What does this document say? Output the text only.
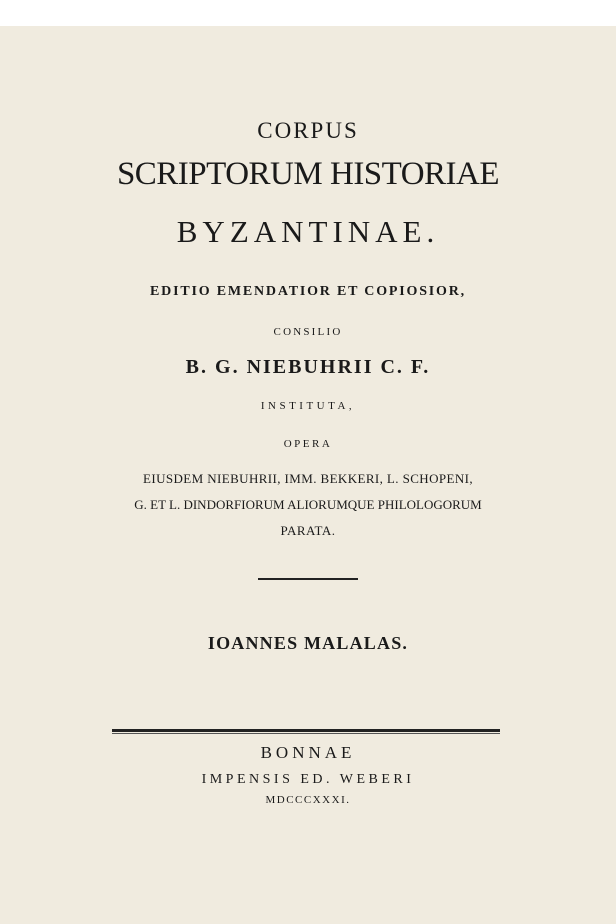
CORPUS

SCRIPTORUM HISTORIAE

BYZANTINAE.

EDITIO EMENDATIOR ET COPIOSIOR,

CONSILIO

B. G. NIEBUHRII C. F.

INSTITUTA,

OPERA

EIUSDEM NIEBUHRII, IMM. BEKKERI, L. SCHOPENI,

G. ET L. DINDORFIORUM ALIORUMQUE PHILOLOGORUM

PARATA.

IOANNES MALALAS.

BONNAE

IMPENSIS ED. WEBERI

MDCCCXXXI.
